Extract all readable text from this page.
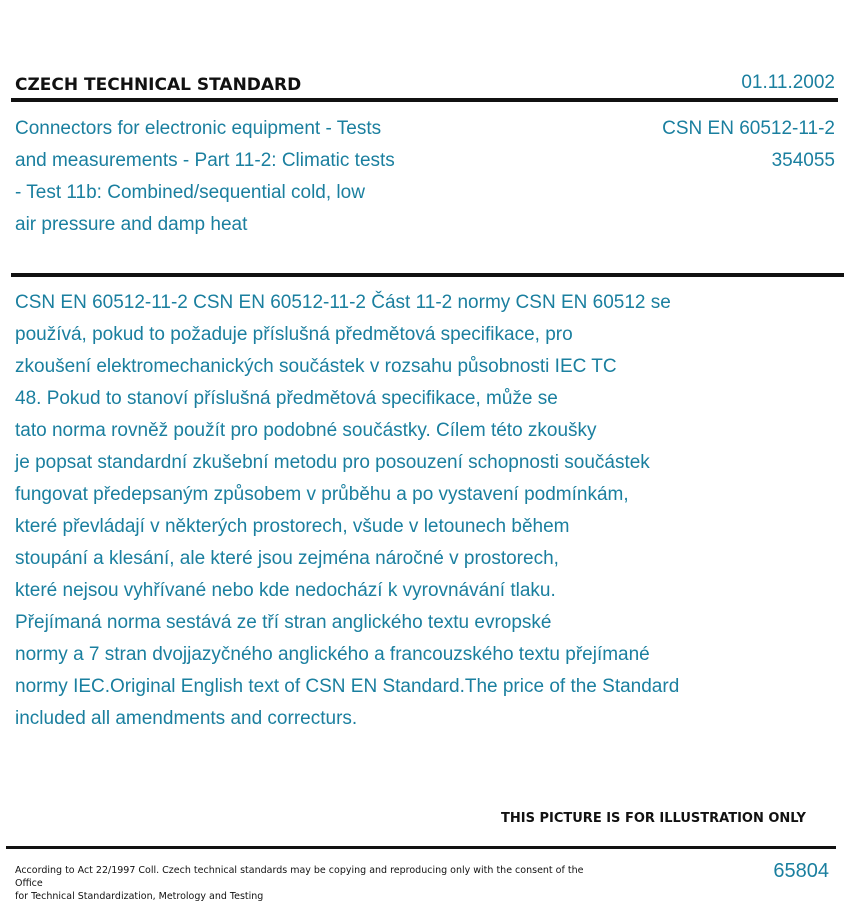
CZECH TECHNICAL STANDARD	01.11.2002
Connectors for electronic equipment - Tests
and measurements - Part 11-2: Climatic tests
- Test 11b: Combined/sequential cold, low
air pressure and damp heat
CSN EN 60512-11-2
354055
CSN EN 60512-11-2 CSN EN 60512-11-2 Část 11-2 normy CSN EN 60512 se
používá, pokud to požaduje příslušná předmětová specifikace, pro
zkoušení elektromechanických součástek v rozsahu působnosti IEC TC
48. Pokud to stanoví příslušná předmětová specifikace, může se
tato norma rovněž použít pro podobné součástky. Cílem této zkoušky
je popsat standardní zkušební metodu pro posouzení schopnosti součástek
fungovat předepsaným způsobem v průběhu a po vystavení podmínkám,
které převládají v některých prostorech, všude v letounech během
stoupání a klesání, ale které jsou zejména náročné v prostorech,
které nejsou vyhřívané nebo kde nedochází k vyrovnávání tlaku.
Přejímaná norma sestává ze tří stran anglického textu evropské
normy a 7 stran dvojjazyčného anglického a francouzského textu přejímané
normy IEC.Original English text of CSN EN Standard.The price of the Standard
included all amendments and correcturs.
THIS PICTURE IS FOR ILLUSTRATION ONLY
According to Act 22/1997 Coll. Czech technical standards may be copying and reproducing only with the consent of the Office
for Technical Standardization, Metrology and Testing
65804
